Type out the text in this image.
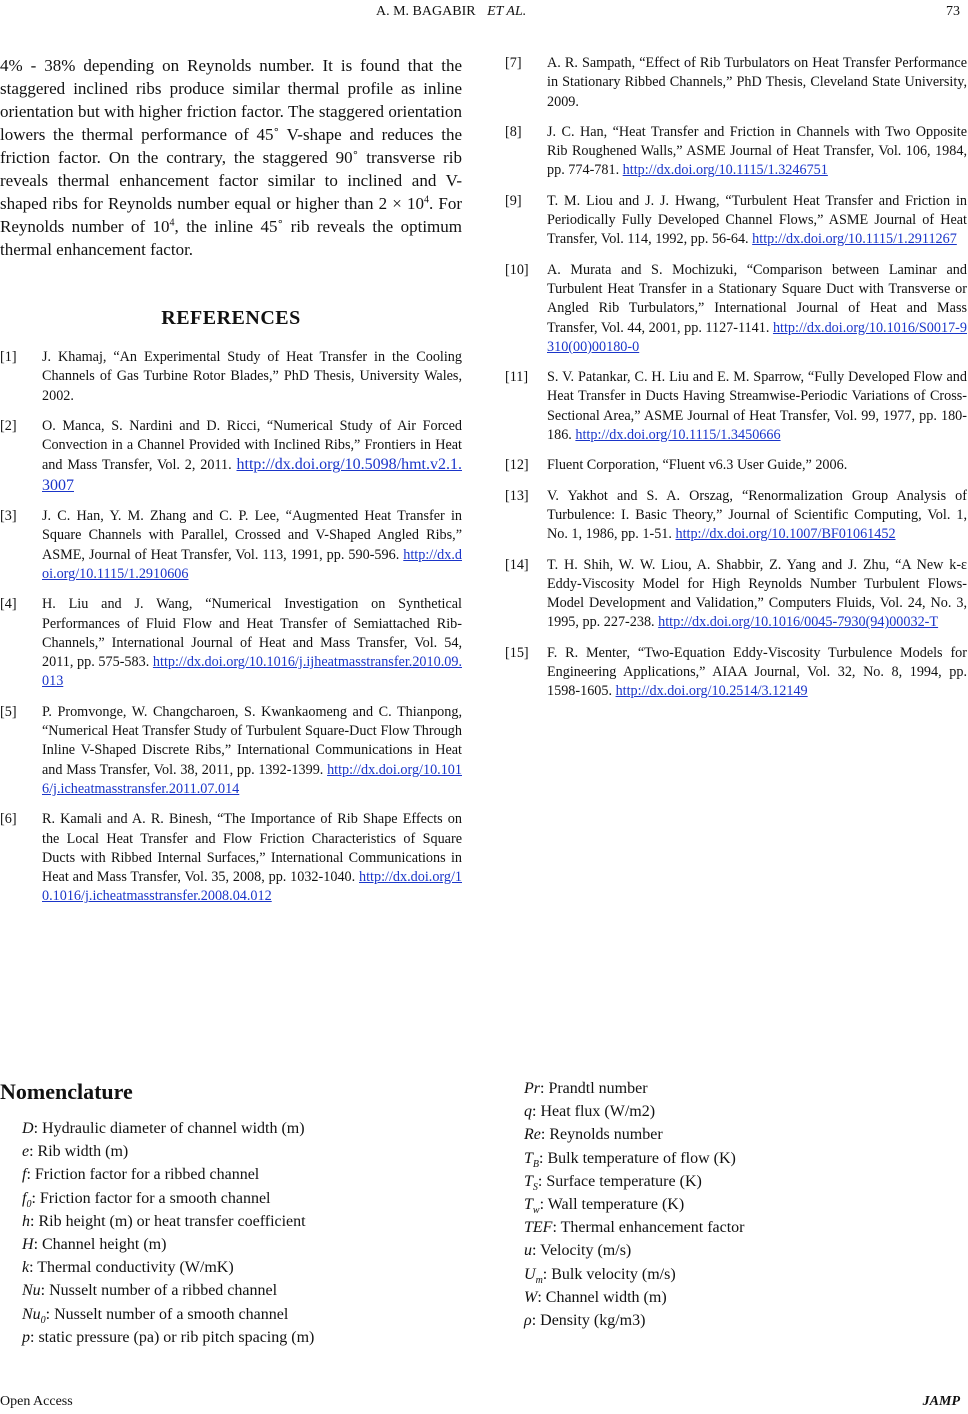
A. M. BAGABIR ET AL.	73

4% - 38% depending on Reynolds number. It is found that the staggered inclined ribs produce similar thermal profile as inline orientation but with higher friction factor. The staggered orientation lowers the thermal performance of 45˚ V-shape and reduces the friction factor. On the contrary, the staggered 90˚ transverse rib reveals thermal enhancement factor similar to inclined and V-shaped ribs for Reynolds number equal or higher than $2 \times 10^4$. For Reynolds number of $10^4$, the inline 45˚ rib reveals the optimum thermal enhancement factor.

REFERENCES
[1]	J. Khamaj, “An Experimental Study of Heat Transfer in the Cooling Channels of Gas Turbine Rotor Blades,” PhD Thesis, University Wales, 2002.
[2]	O. Manca, S. Nardini and D. Ricci, “Numerical Study of Air Forced Convection in a Channel Provided with Inclined Ribs,” Frontiers in Heat and Mass Transfer, Vol. 2, 2011. http://dx.doi.org/10.5098/hmt.v2.1.3007
[3]	J. C. Han, Y. M. Zhang and C. P. Lee, “Augmented Heat Transfer in Square Channels with Parallel, Crossed and V-Shaped Angled Ribs,” ASME, Journal of Heat Transfer, Vol. 113, 1991, pp. 590-596. http://dx.doi.org/10.1115/1.2910606
[4]	H. Liu and J. Wang, “Numerical Investigation on Synthetical Performances of Fluid Flow and Heat Transfer of Semiattached Rib-Channels,” International Journal of Heat and Mass Transfer, Vol. 54, 2011, pp. 575-583. http://dx.doi.org/10.1016/j.ijheatmasstransfer.2010.09.013
[5]	P. Promvonge, W. Changcharoen, S. Kwankaomeng and C. Thianpong, “Numerical Heat Transfer Study of Turbulent Square-Duct Flow Through Inline V-Shaped Discrete Ribs,” International Communications in Heat and Mass Transfer, Vol. 38, 2011, pp. 1392-1399. http://dx.doi.org/10.1016/j.icheatmasstransfer.2011.07.014
[6]	R. Kamali and A. R. Binesh, “The Importance of Rib Shape Effects on the Local Heat Transfer and Flow Friction Characteristics of Square Ducts with Ribbed Internal Surfaces,” International Communications in Heat and Mass Transfer, Vol. 35, 2008, pp. 1032-1040. http://dx.doi.org/10.1016/j.icheatmasstransfer.2008.04.012
[7]	A. R. Sampath, “Effect of Rib Turbulators on Heat Transfer Performance in Stationary Ribbed Channels,” PhD Thesis, Cleveland State University, 2009.
[8]	J. C. Han, “Heat Transfer and Friction in Channels with Two Opposite Rib Roughened Walls,” ASME Journal of Heat Transfer, Vol. 106, 1984, pp. 774-781. http://dx.doi.org/10.1115/1.3246751
[9]	T. M. Liou and J. J. Hwang, “Turbulent Heat Transfer and Friction in Periodically Fully Developed Channel Flows,” ASME Journal of Heat Transfer, Vol. 114, 1992, pp. 56-64. http://dx.doi.org/10.1115/1.2911267
[10]	A. Murata and S. Mochizuki, “Comparison between Laminar and Turbulent Heat Transfer in a Stationary Square Duct with Transverse or Angled Rib Turbulators,” International Journal of Heat and Mass Transfer, Vol. 44, 2001, pp. 1127-1141. http://dx.doi.org/10.1016/S0017-9310(00)00180-0
[11]	S. V. Patankar, C. H. Liu and E. M. Sparrow, “Fully Developed Flow and Heat Transfer in Ducts Having Streamwise-Periodic Variations of Cross-Sectional Area,” ASME Journal of Heat Transfer, Vol. 99, 1977, pp. 180-186. http://dx.doi.org/10.1115/1.3450666
[12]	Fluent Corporation, “Fluent v6.3 User Guide,” 2006.
[13]	V. Yakhot and S. A. Orszag, “Renormalization Group Analysis of Turbulence: I. Basic Theory,” Journal of Scientific Computing, Vol. 1, No. 1, 1986, pp. 1-51. http://dx.doi.org/10.1007/BF01061452
[14]	T. H. Shih, W. W. Liou, A. Shabbir, Z. Yang and J. Zhu, “A New k-ε Eddy-Viscosity Model for High Reynolds Number Turbulent Flows-Model Development and Validation,” Computers Fluids, Vol. 24, No. 3, 1995, pp. 227-238. http://dx.doi.org/10.1016/0045-7930(94)00032-T
[15]	F. R. Menter, “Two-Equation Eddy-Viscosity Turbulence Models for Engineering Applications,” AIAA Journal, Vol. 32, No. 8, 1994, pp. 1598-1605. http://dx.doi.org/10.2514/3.12149
Nomenclature
D: Hydraulic diameter of channel width (m)
e: Rib width (m)
f: Friction factor for a ribbed channel
$f_0$: Friction factor for a smooth channel
h: Rib height (m) or heat transfer coefficient
H: Channel height (m)
k: Thermal conductivity (W/mK)
Nu: Nusselt number of a ribbed channel
$Nu_0$: Nusselt number of a smooth channel
p: static pressure (pa) or rib pitch spacing (m)
Pr: Prandtl number
q: Heat flux (W/m2)
Re: Reynolds number
$T_B$: Bulk temperature of flow (K)
$T_S$: Surface temperature (K)
$T_w$: Wall temperature (K)
TEF: Thermal enhancement factor
u: Velocity (m/s)
$U_m$: Bulk velocity (m/s)
W: Channel width (m)
ρ: Density (kg/m3)
Open Access	JAMP
